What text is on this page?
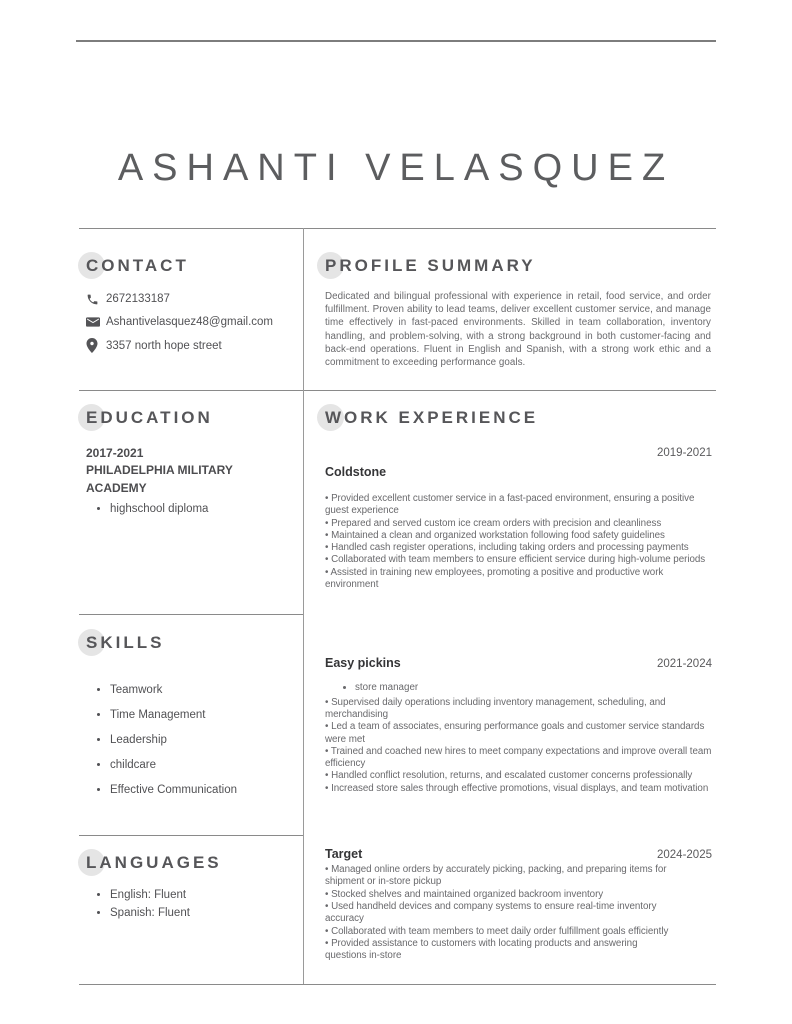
ASHANTI VELASQUEZ
CONTACT
2672133187
Ashantivelasquez48@gmail.com
3357 north hope street
PROFILE SUMMARY

Dedicated and bilingual professional with experience in retail, food service, and order fulfillment. Proven ability to lead teams, deliver excellent customer service, and manage time effectively in fast-paced environments. Skilled in team collaboration, inventory handling, and problem-solving, with a strong background in both customer-facing and back-end operations. Fluent in English and Spanish, with a strong work ethic and a commitment to exceeding performance goals.

EDUCATION
2017-2021
PHILADELPHIA MILITARY ACADEMY
• highschool diploma
WORK EXPERIENCE
2019-2021
Coldstone
• Provided excellent customer service in a fast-paced environment, ensuring a positive guest experience
• Prepared and served custom ice cream orders with precision and cleanliness
• Maintained a clean and organized workstation following food safety guidelines
• Handled cash register operations, including taking orders and processing payments
• Collaborated with team members to ensure efficient service during high-volume periods
• Assisted in training new employees, promoting a positive and productive work environment
Easy pickins	2021-2024
• store manager
• Supervised daily operations including inventory management, scheduling, and merchandising
• Led a team of associates, ensuring performance goals and customer service standards were met
• Trained and coached new hires to meet company expectations and improve overall team efficiency
• Handled conflict resolution, returns, and escalated customer concerns professionally
• Increased store sales through effective promotions, visual displays, and team motivation
Target	2024-2025
• Managed online orders by accurately picking, packing, and preparing items for shipment or in-store pickup
• Stocked shelves and maintained organized backroom inventory
• Used handheld devices and company systems to ensure real-time inventory accuracy
• Collaborated with team members to meet daily order fulfillment goals efficiently
• Provided assistance to customers with locating products and answering questions in-store
SKILLS
• Teamwork
• Time Management
• Leadership
• childcare
• Effective Communication
LANGUAGES
• English: Fluent
• Spanish: Fluent
